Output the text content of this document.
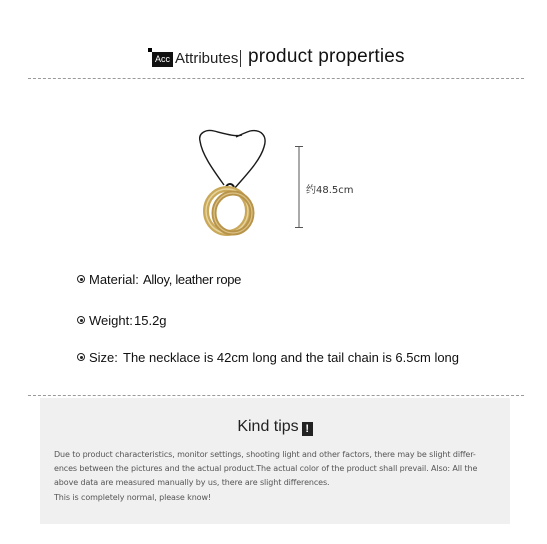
Acc Attributes product properties
约48.5cm
Material: Alloy, leather rope
Weight: 15.2g
Size: The necklace is 42cm long and the tail chain is 6.5cm long
Kind tips !
Due to product characteristics, monitor settings, shooting light and other factors, there may be slight differ-
ences between the pictures and the actual product.The actual color of the product shall prevail. Also: All the
above data are measured manually by us, there are slight differences.
This is completely normal, please know!
